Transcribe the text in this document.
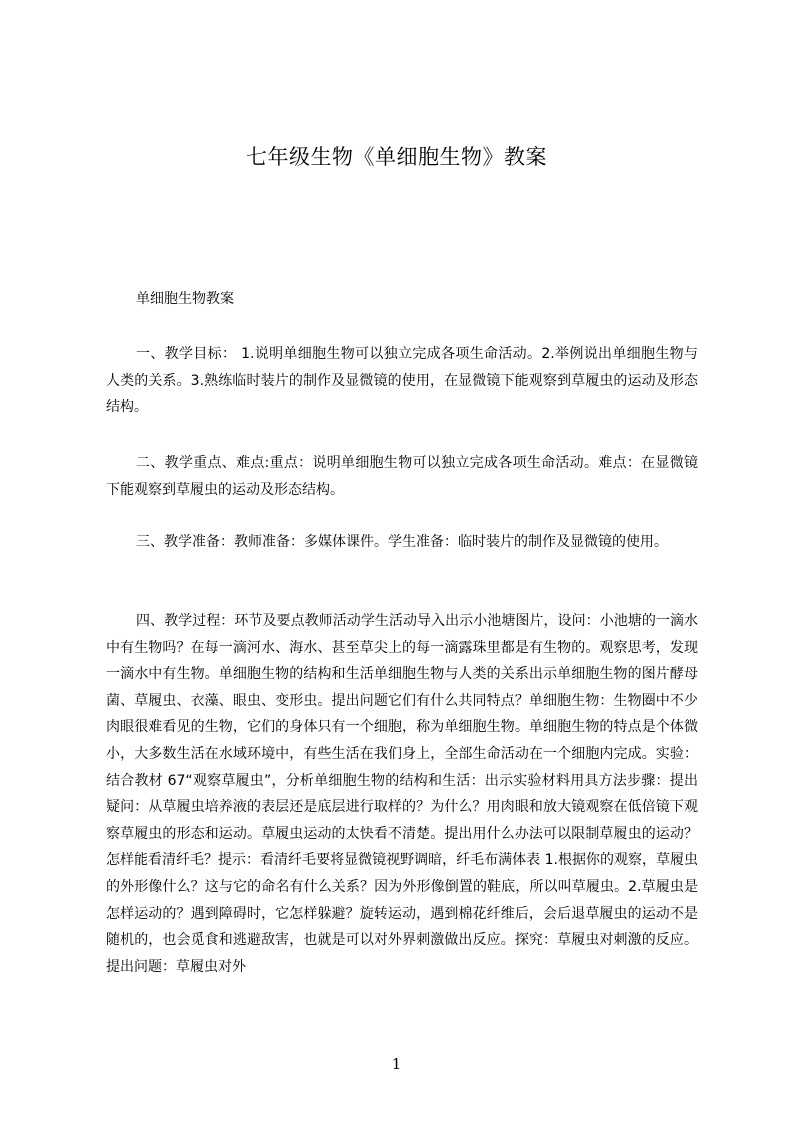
七年级生物《单细胞生物》教案
单细胞生物教案

一、教学目标： 1.说明单细胞生物可以独立完成各项生命活动。2.举例说出单细胞生物与人类的关系。3.熟练临时装片的制作及显微镜的使用，在显微镜下能观察到草履虫的运动及形态结构。

二、教学重点、难点:重点：说明单细胞生物可以独立完成各项生命活动。难点：在显微镜下能观察到草履虫的运动及形态结构。

三、教学准备：教师准备：多媒体课件。学生准备：临时装片的制作及显微镜的使用。

四、教学过程：环节及要点教师活动学生活动导入出示小池塘图片，设问：小池塘的一滴水中有生物吗？在每一滴河水、海水、甚至草尖上的每一滴露珠里都是有生物的。观察思考，发现一滴水中有生物。单细胞生物的结构和生活单细胞生物与人类的关系出示单细胞生物的图片酵母菌、草履虫、衣藻、眼虫、变形虫。提出问题它们有什么共同特点？单细胞生物：生物圈中不少肉眼很难看见的生物，它们的身体只有一个细胞，称为单细胞生物。单细胞生物的特点是个体微小，大多数生活在水域环境中，有些生活在我们身上，全部生命活动在一个细胞内完成。实验：结合教材 67“观察草履虫”，分析单细胞生物的结构和生活：出示实验材料用具方法步骤：提出疑问：从草履虫培养液的表层还是底层进行取样的？为什么？用肉眼和放大镜观察在低倍镜下观察草履虫的形态和运动。草履虫运动的太快看不清楚。提出用什么办法可以限制草履虫的运动？怎样能看清纤毛？提示：看清纤毛要将显微镜视野调暗，纤毛布满体表 1.根据你的观察，草履虫的外形像什么？这与它的命名有什么关系？因为外形像倒置的鞋底，所以叫草履虫。2.草履虫是怎样运动的？遇到障碍时，它怎样躲避？旋转运动，遇到棉花纤维后，会后退草履虫的运动不是随机的，也会觅食和逃避敌害，也就是可以对外界刺激做出反应。探究：草履虫对刺激的反应。提出问题：草履虫对外

1
